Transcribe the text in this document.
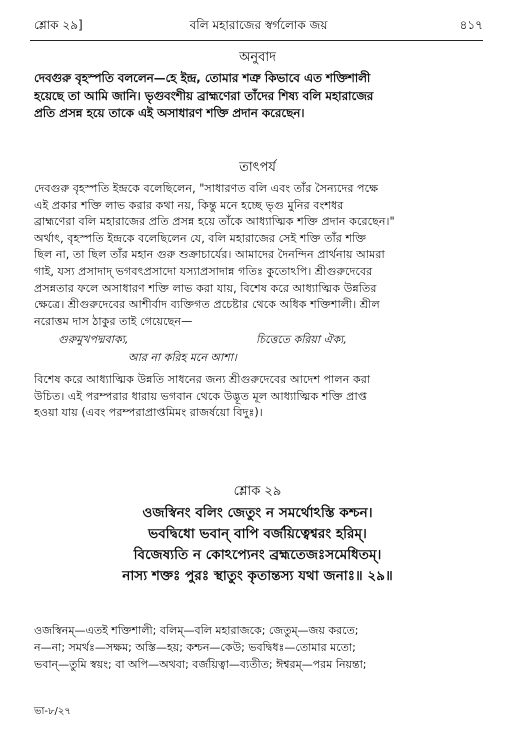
শ্লোক ২৯]	বলি মহারাজের স্বর্গলোক জয়	৪১৭
অনুবাদ
দেবগুরু বৃহস্পতি বললেন—হে ইন্দ্র, তোমার শত্রু কিভাবে এত শক্তিশালী
হয়েছে তা আমি জানি। ভৃগুবংশীয় ব্রাহ্মণেরা তাঁদের শিষ্য বলি মহারাজের
প্রতি প্রসন্ন হয়ে তাকে এই অসাধারণ শক্তি প্রদান করেছেন।
তাৎপর্য
দেবগুরু বৃহস্পতি ইন্দ্রকে বলেছিলেন, "সাধারণত বলি এবং তাঁর সৈন্যদের পক্ষে
এই প্রকার শক্তি লাভ করার কথা নয়, কিন্তু মনে হচ্ছে ভৃগু মুনির বংশধর
ব্রাহ্মণেরা বলি মহারাজের প্রতি প্রসন্ন হয়ে তাঁকে আধ্যাত্মিক শক্তি প্রদান করেছেন।"
অর্থাৎ, বৃহস্পতি ইন্দ্রকে বলেছিলেন যে, বলি মহারাজের সেই শক্তি তাঁর শক্তি
ছিল না, তা ছিল তাঁর মহান গুরু শুক্রাচার্যের। আমাদের দৈনন্দিন প্রার্থনায় আমরা
গাই, যস্য প্রসাদাদ্ ভগবৎপ্রসাদো যস্যাপ্রসাদান্ন গতিঃ কুতোঽপি। শ্রীগুরুদেবের
প্রসন্নতার ফলে অসাধারণ শক্তি লাভ করা যায়, বিশেষ করে আধ্যাত্মিক উন্নতির
ক্ষেত্রে। শ্রীগুরুদেবের আশীর্বাদ ব্যক্তিগত প্রচেষ্টার থেকে অধিক শক্তিশালী। শ্রীল
নরোত্তম দাস ঠাকুর তাই গেয়েছেন—
গুরুমুখপদ্মবাক্য,	চিত্তেতে করিয়া ঐক্য,
আর না করিহ মনে আশা।
বিশেষ করে আধ্যাত্মিক উন্নতি সাধনের জন্য শ্রীগুরুদেবের আদেশ পালন করা
উচিত। এই পরম্পরার ধারায় ভগবান থেকে উদ্ভূত মূল আধ্যাত্মিক শক্তি প্রাপ্ত
হওয়া যায় (এবং পরম্পরাপ্রাপ্তমিমং রাজর্ষয়ো বিদুঃ)।
শ্লোক ২৯
ওজস্বিনং বলিং জেতুং ন সমর্থোঽস্তি কশ্চন।
ভবদ্বিধো ভবান্ বাপি বর্জয়িত্বেশ্বরং হরিম্।
বিজেষ্যতি ন কোঽপ্যেনং ব্রহ্মতেজঃসমেধিতম্।
নাস্য শক্তঃ পুরঃ স্থাতুং কৃতান্তস্য যথা জনাঃ॥ ২৯॥
ওজস্বিনম্—এতই শক্তিশালী; বলিম্—বলি মহারাজকে; জেতুম্—জয় করতে;
ন—না; সমর্থঃ—সক্ষম; অস্তি—হয়; কশ্চন—কেউ; ভবদ্বিধঃ—তোমার মতো;
ভবান্—তুমি স্বয়ং; বা অপি—অথবা; বর্জয়িত্বা—ব্যতীত; ঈশ্বরম্—পরম নিয়ন্তা;
ভা-৮/২৭
